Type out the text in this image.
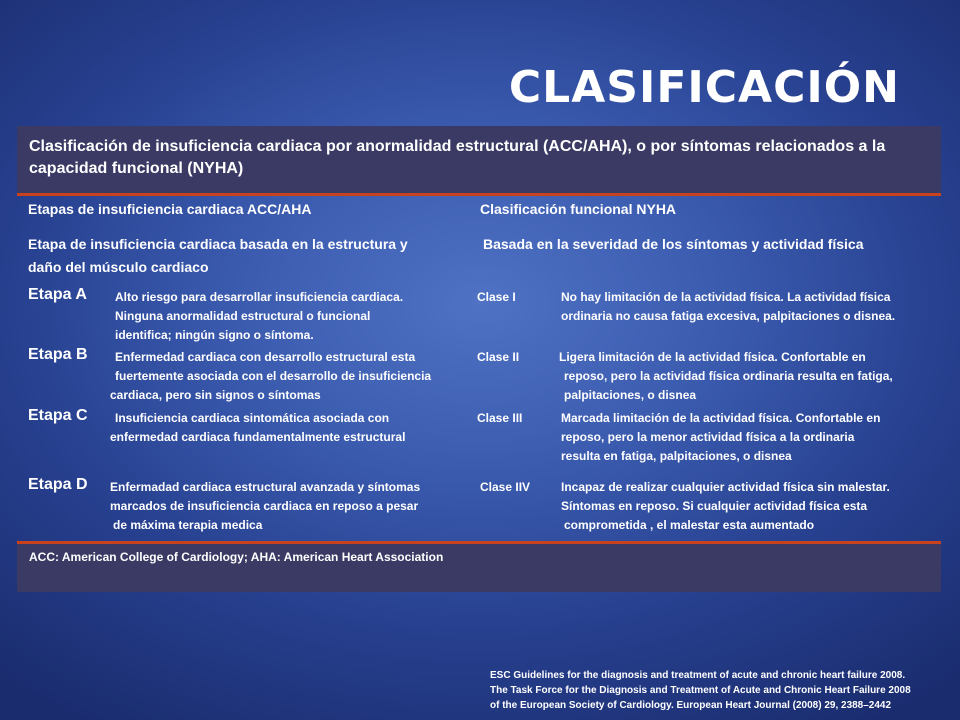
CLASIFICACIÓN
Clasificación de insuficiencia cardiaca por anormalidad estructural (ACC/AHA), o por síntomas relacionados a la capacidad funcional (NYHA)
Etapas de insuficiencia cardiaca ACC/AHA	Clasificación funcional NYHA
Etapa de insuficiencia cardiaca basada en la estructura y
daño del músculo cardiaco
Basada en la severidad de los síntomas y actividad física
Etapa A Alto riesgo para desarrollar insuficiencia cardiaca.
Ninguna anormalidad estructural o funcional
identifica; ningún signo o síntoma.
Clase I	No hay limitación de la actividad física. La actividad física
ordinaria no causa fatiga excesiva, palpitaciones o disnea.
Etapa B Enfermedad cardiaca con desarrollo estructural esta
fuertemente asociada con el desarrollo de insuficiencia
cardiaca, pero sin signos o síntomas
Clase II	Ligera limitación de la actividad física. Confortable en
reposo, pero la actividad física ordinaria resulta en fatiga,
palpitaciones, o disnea
Etapa C Insuficiencia cardiaca sintomática asociada con
enfermedad cardiaca fundamentalmente estructural
Clase III	Marcada limitación de la actividad física. Confortable en
reposo, pero la menor actividad física a la ordinaria
resulta en fatiga, palpitaciones, o disnea
Etapa D Enfermadad cardiaca estructural avanzada y síntomas
marcados de insuficiencia cardiaca en reposo a pesar
de máxima terapia medica
Clase IIV	Incapaz de realizar cualquier actividad física sin malestar.
Síntomas en reposo. Si cualquier actividad física esta
comprometida , el malestar esta aumentado
ACC: American College of Cardiology; AHA: American Heart Association
ESC Guidelines for the diagnosis and treatment of acute and chronic heart failure 2008.
The Task Force for the Diagnosis and Treatment of Acute and Chronic Heart Failure 2008
of the European Society of Cardiology. European Heart Journal (2008) 29, 2388–2442
